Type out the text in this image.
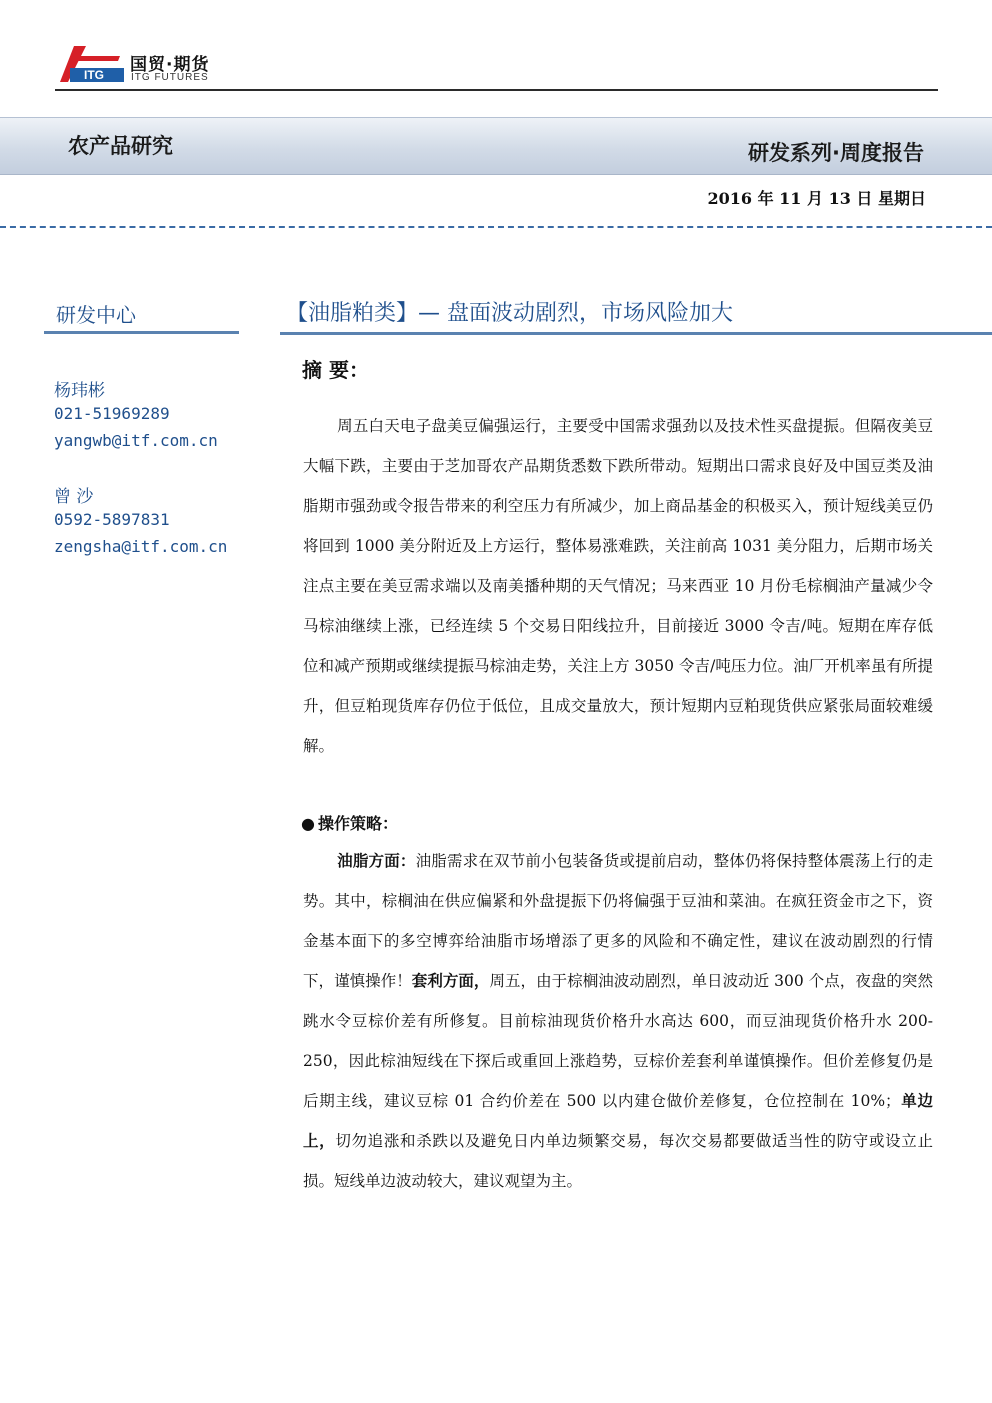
ITG 国贸·期货
ITG FUTURES
农产品研究	研发系列·周度报告
2016 年 11 月 13 日 星期日
研发中心
杨玮彬
021-51969289
yangwb@itf.com.cn
曾 沙
0592-5897831
zengsha@itf.com.cn
【油脂粕类】— 盘面波动剧烈，市场风险加大
摘 要：

周五白天电子盘美豆偏强运行，主要受中国需求强劲以及技术性买盘提振。但隔夜美豆大幅下跌，主要由于芝加哥农产品期货悉数下跌所带动。短期出口需求良好及中国豆类及油脂期市强劲或令报告带来的利空压力有所减少，加上商品基金的积极买入，预计短线美豆仍将回到 1000 美分附近及上方运行，整体易涨难跌，关注前高 1031 美分阻力，后期市场关注点主要在美豆需求端以及南美播种期的天气情况；马来西亚 10 月份毛棕榈油产量减少令马棕油继续上涨，已经连续 5 个交易日阳线拉升，目前接近 3000 令吉/吨。短期在库存低位和减产预期或继续提振马棕油走势，关注上方 3050 令吉/吨压力位。油厂开机率虽有所提升，但豆粕现货库存仍位于低位，且成交量放大，预计短期内豆粕现货供应紧张局面较难缓解。

● 操作策略：

油脂方面：油脂需求在双节前小包装备货或提前启动，整体仍将保持整体震荡上行的走势。其中，棕榈油在供应偏紧和外盘提振下仍将偏强于豆油和菜油。在疯狂资金市之下，资金基本面下的多空博弈给油脂市场增添了更多的风险和不确定性，建议在波动剧烈的行情下，谨慎操作！套利方面，周五，由于棕榈油波动剧烈，单日波动近 300 个点，夜盘的突然跳水令豆棕价差有所修复。目前棕油现货价格升水高达 600，而豆油现货价格升水 200-250，因此棕油短线在下探后或重回上涨趋势，豆棕价差套利单谨慎操作。但价差修复仍是后期主线，建议豆棕 01 合约价差在 500 以内建仓做价差修复，仓位控制在 10%；单边上，切勿追涨和杀跌以及避免日内单边频繁交易，每次交易都要做适当性的防守或设立止损。短线单边波动较大，建议观望为主。
